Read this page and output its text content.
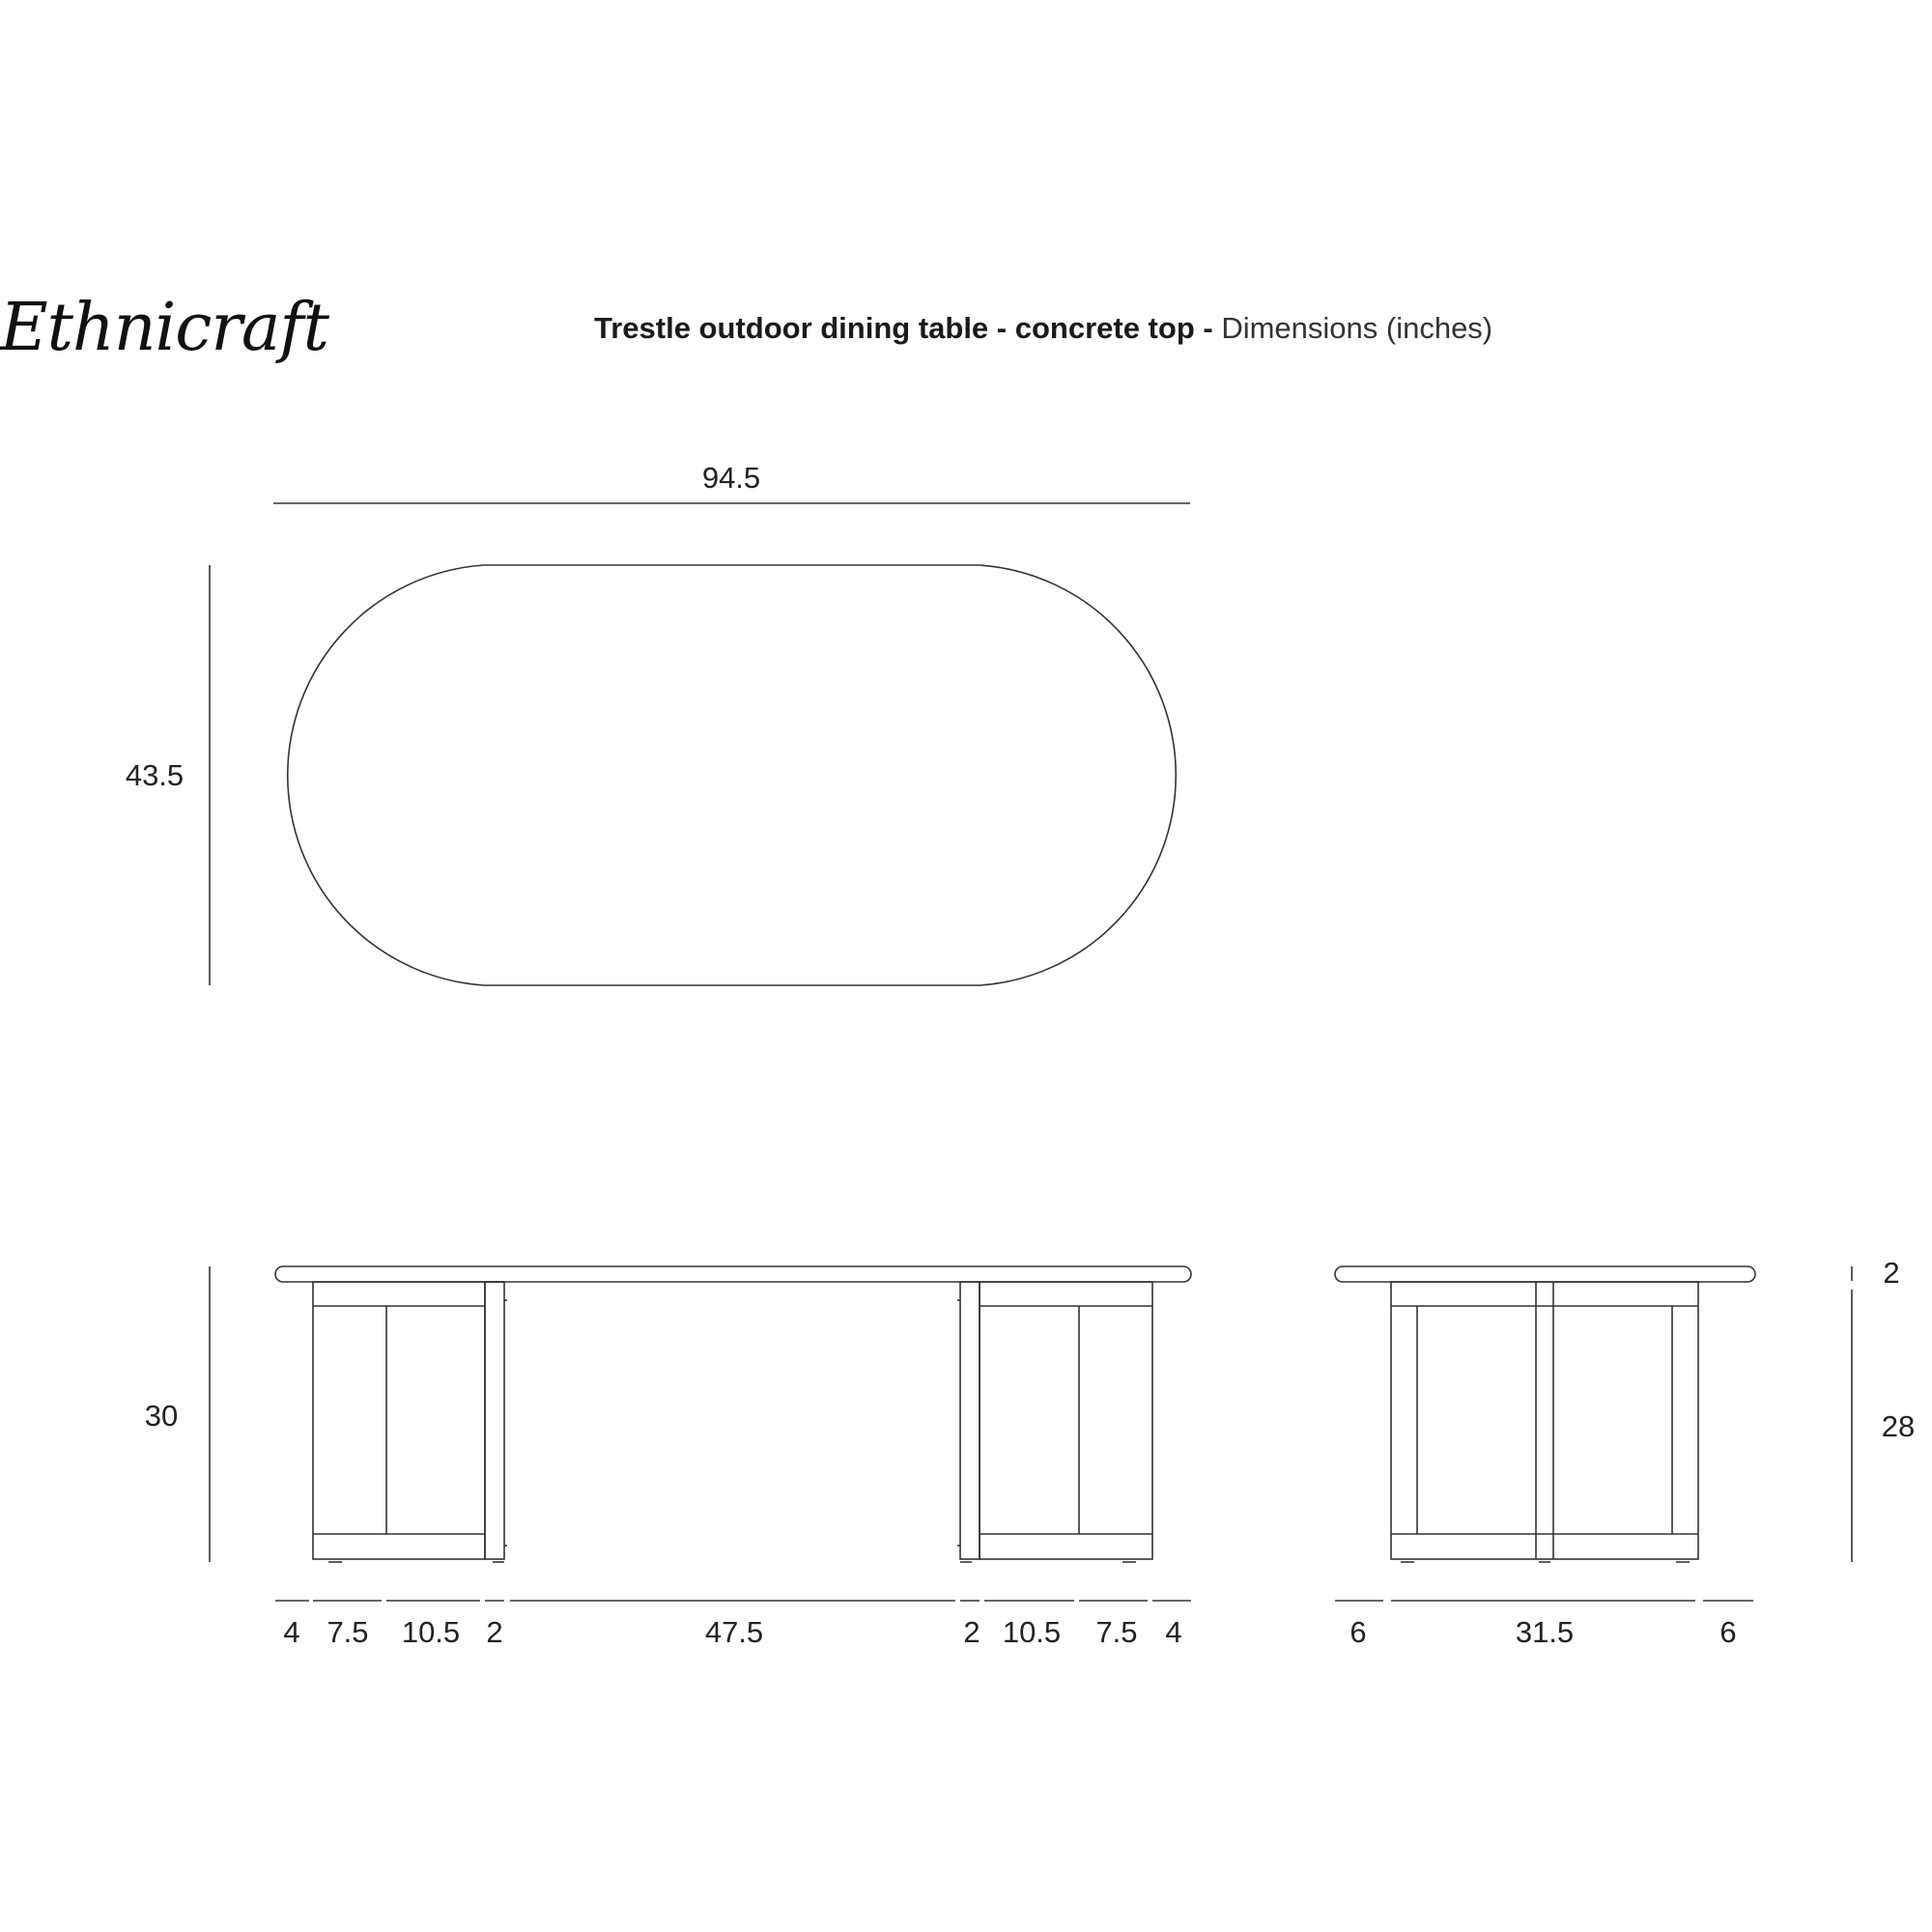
Ethnicraft	Trestle outdoor dining table - concrete top - Dimensions (inches)
94.5
43.5
30
4 7.5 10.5 2	47.5	2 10.5 7.5 4
2
28
6	31.5	6
